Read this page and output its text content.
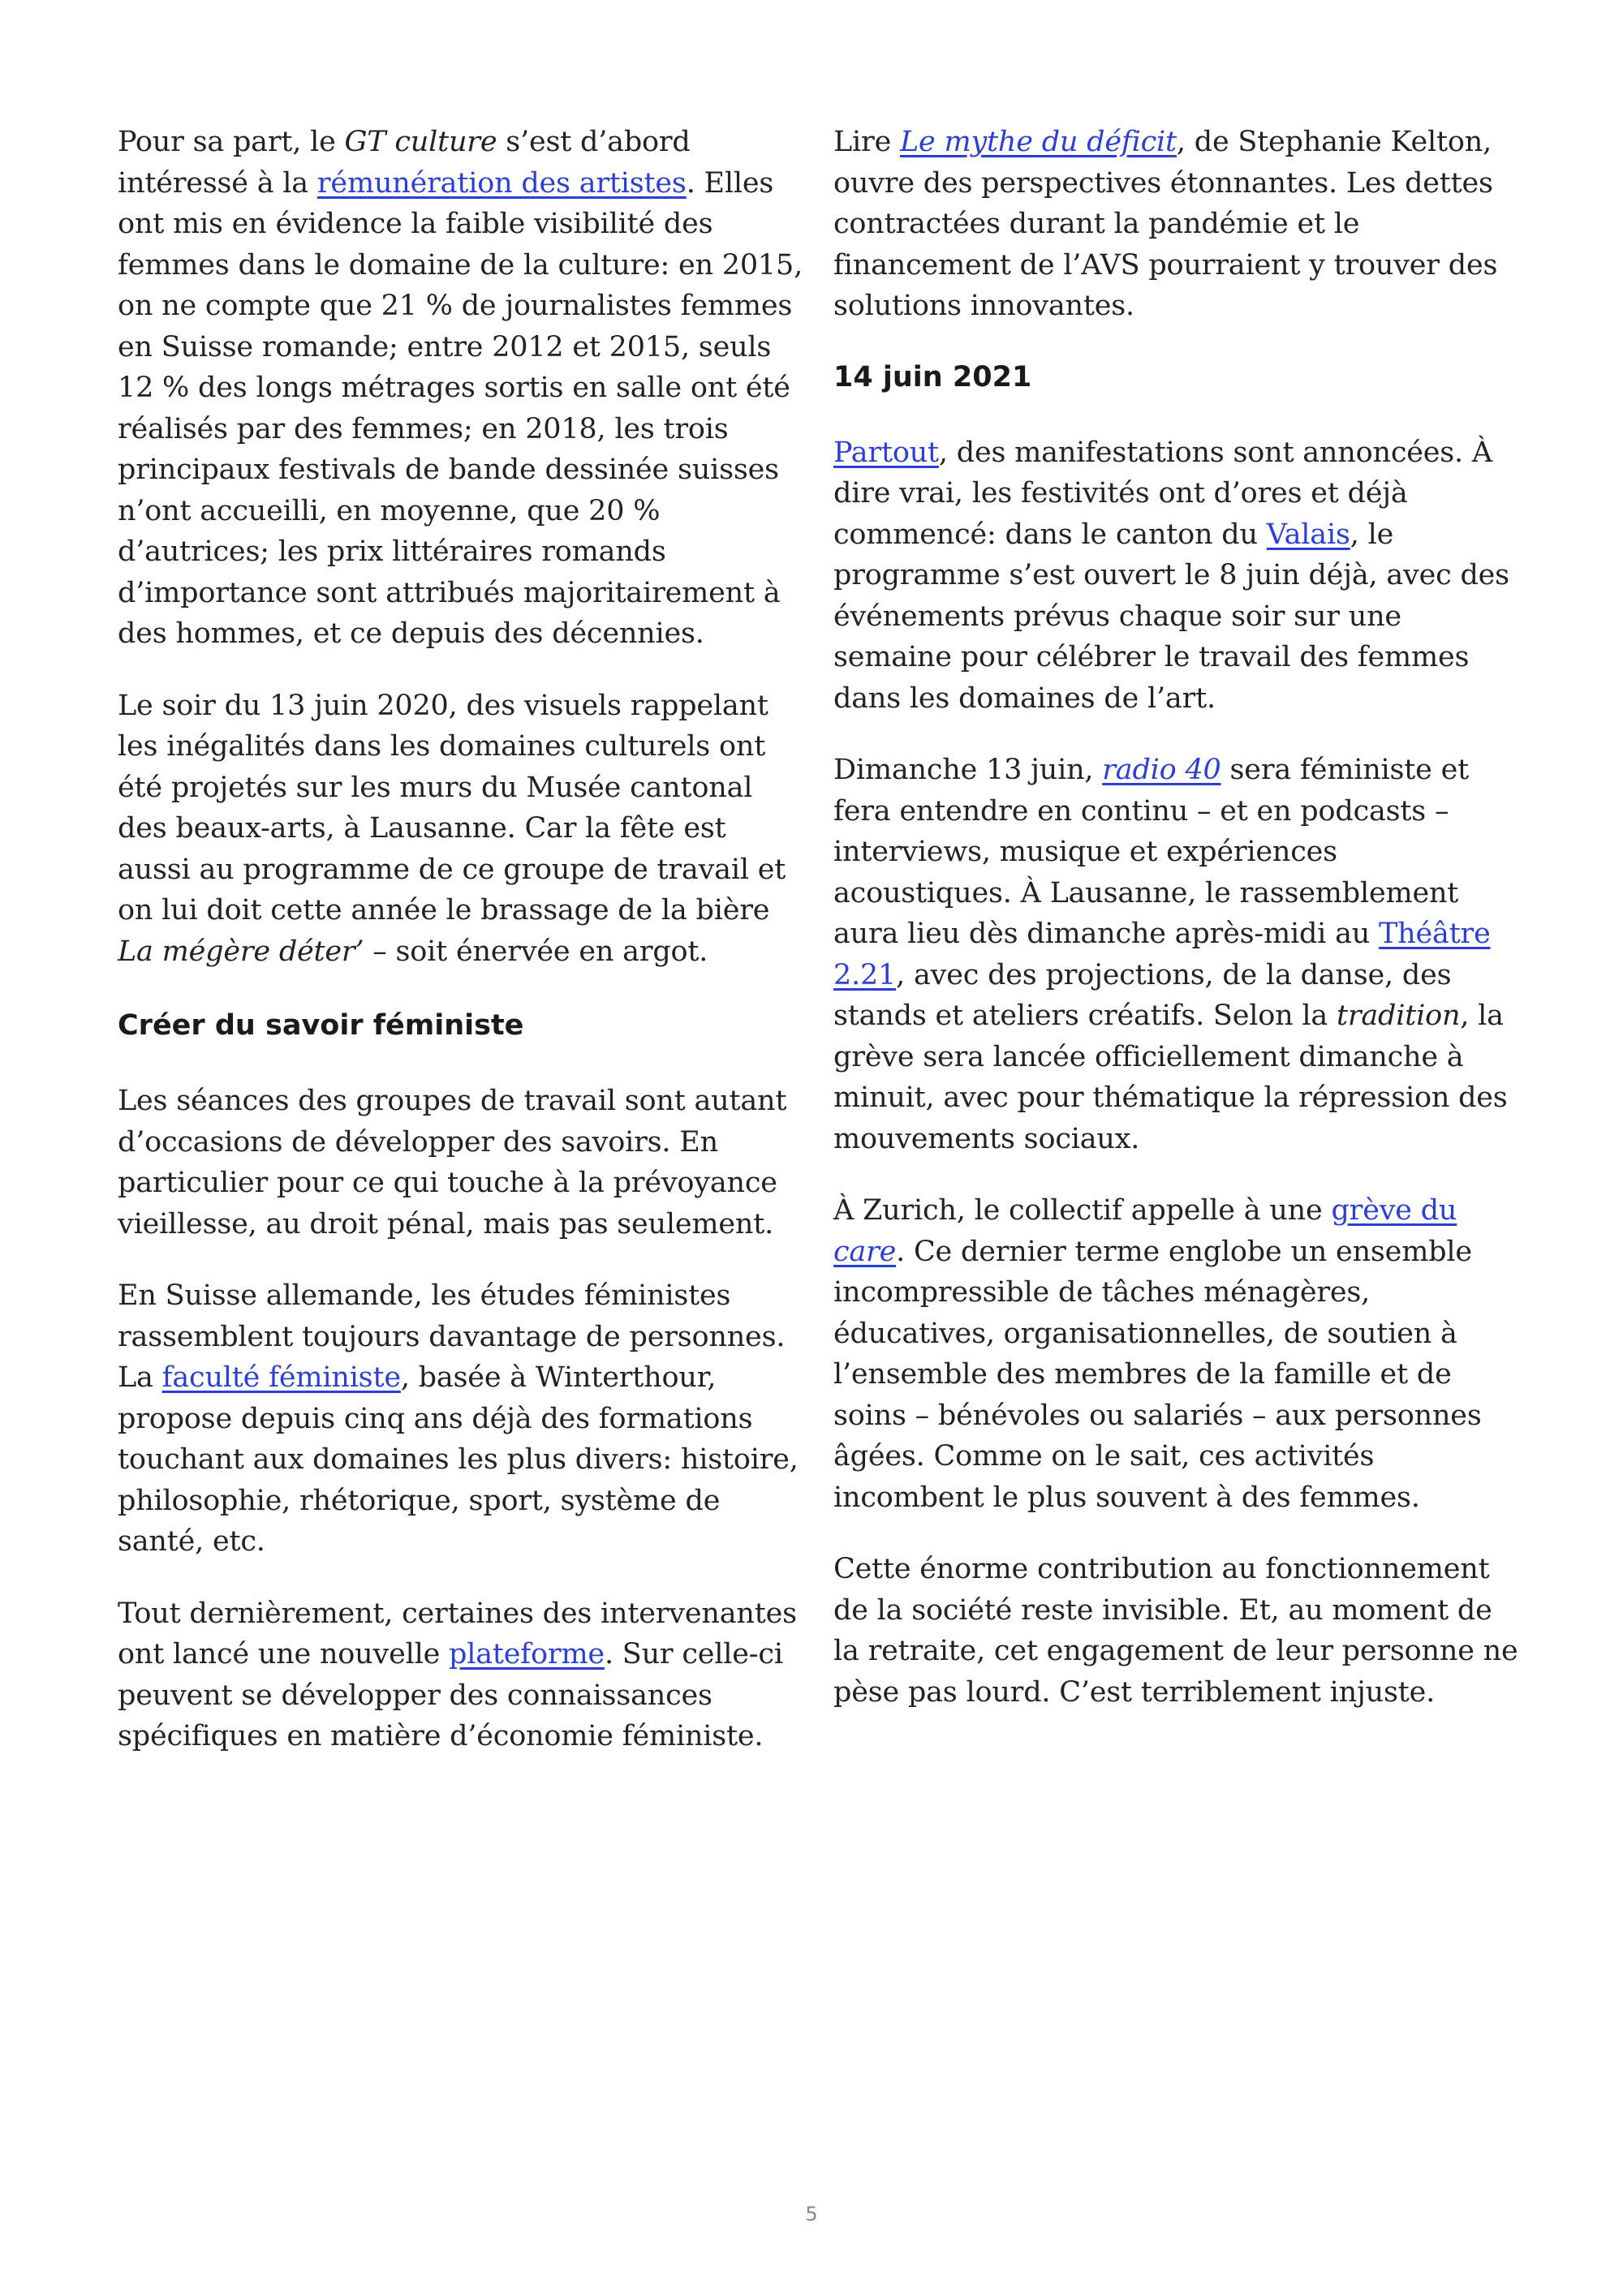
Pour sa part, le GT culture s’est d’abord intéressé à la rémunération des artistes. Elles ont mis en évidence la faible visibilité des femmes dans le domaine de la culture: en 2015, on ne compte que 21 % de journalistes femmes en Suisse romande; entre 2012 et 2015, seuls 12 % des longs métrages sortis en salle ont été réalisés par des femmes; en 2018, les trois principaux festivals de bande dessinée suisses n’ont accueilli, en moyenne, que 20 % d’autrices; les prix littéraires romands d’importance sont attribués majoritairement à des hommes, et ce depuis des décennies.

Le soir du 13 juin 2020, des visuels rappelant les inégalités dans les domaines culturels ont été projetés sur les murs du Musée cantonal des beaux-arts, à Lausanne. Car la fête est aussi au programme de ce groupe de travail et on lui doit cette année le brassage de la bière La mégère déter’ – soit énervée en argot.

Créer du savoir féministe

Les séances des groupes de travail sont autant d’occasions de développer des savoirs. En particulier pour ce qui touche à la prévoyance vieillesse, au droit pénal, mais pas seulement.

En Suisse allemande, les études féministes rassemblent toujours davantage de personnes. La faculté féministe, basée à Winterthour, propose depuis cinq ans déjà des formations touchant aux domaines les plus divers: histoire, philosophie, rhétorique, sport, système de santé, etc.

Tout dernièrement, certaines des intervenantes ont lancé une nouvelle plateforme. Sur celle-ci peuvent se développer des connaissances spécifiques en matière d’économie féministe.

Lire Le mythe du déficit, de Stephanie Kelton, ouvre des perspectives étonnantes. Les dettes contractées durant la pandémie et le financement de l’AVS pourraient y trouver des solutions innovantes.

14 juin 2021

Partout, des manifestations sont annoncées. À dire vrai, les festivités ont d’ores et déjà commencé: dans le canton du Valais, le programme s’est ouvert le 8 juin déjà, avec des événements prévus chaque soir sur une semaine pour célébrer le travail des femmes dans les domaines de l’art.

Dimanche 13 juin, radio 40 sera féministe et fera entendre en continu – et en podcasts – interviews, musique et expériences acoustiques. À Lausanne, le rassemblement aura lieu dès dimanche après-midi au Théâtre 2.21, avec des projections, de la danse, des stands et ateliers créatifs. Selon la tradition, la grève sera lancée officiellement dimanche à minuit, avec pour thématique la répression des mouvements sociaux.

À Zurich, le collectif appelle à une grève du care. Ce dernier terme englobe un ensemble incompressible de tâches ménagères, éducatives, organisationnelles, de soutien à l’ensemble des membres de la famille et de soins – bénévoles ou salariés – aux personnes âgées. Comme on le sait, ces activités incombent le plus souvent à des femmes.

Cette énorme contribution au fonctionnement de la société reste invisible. Et, au moment de la retraite, cet engagement de leur personne ne pèse pas lourd. C’est terriblement injuste.

5
